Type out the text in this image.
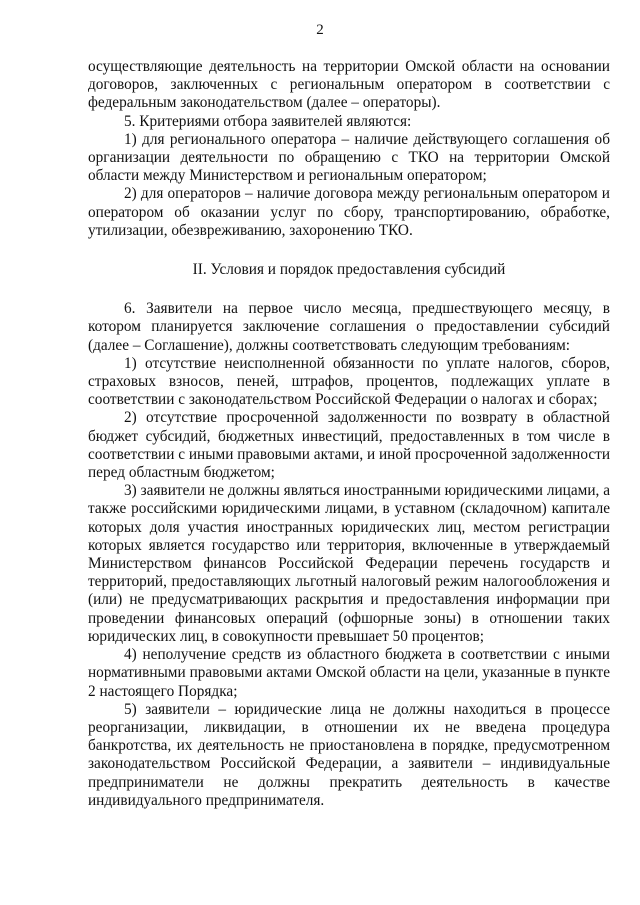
2

осуществляющие деятельность на территории Омской области на основании договоров, заключенных с региональным оператором в соответствии с федеральным законодательством (далее – операторы).

5. Критериями отбора заявителей являются:

1) для регионального оператора – наличие действующего соглашения об организации деятельности по обращению с ТКО на территории Омской области между Министерством и региональным оператором;

2) для операторов – наличие договора между региональным оператором и оператором об оказании услуг по сбору, транспортированию, обработке, утилизации, обезвреживанию, захоронению ТКО.

II. Условия и порядок предоставления субсидий

6. Заявители на первое число месяца, предшествующего месяцу, в котором планируется заключение соглашения о предоставлении субсидий (далее – Соглашение), должны соответствовать следующим требованиям:

1) отсутствие неисполненной обязанности по уплате налогов, сборов, страховых взносов, пеней, штрафов, процентов, подлежащих уплате в соответствии с законодательством Российской Федерации о налогах и сборах;

2) отсутствие просроченной задолженности по возврату в областной бюджет субсидий, бюджетных инвестиций, предоставленных в том числе в соответствии с иными правовыми актами, и иной просроченной задолженности перед областным бюджетом;

3) заявители не должны являться иностранными юридическими лицами, а также российскими юридическими лицами, в уставном (складочном) капитале которых доля участия иностранных юридических лиц, местом регистрации которых является государство или территория, включенные в утверждаемый Министерством финансов Российской Федерации перечень государств и территорий, предоставляющих льготный налоговый режим налогообложения и (или) не предусматривающих раскрытия и предоставления информации при проведении финансовых операций (офшорные зоны) в отношении таких юридических лиц, в совокупности превышает 50 процентов;

4) неполучение средств из областного бюджета в соответствии с иными нормативными правовыми актами Омской области на цели, указанные в пункте 2 настоящего Порядка;

5) заявители – юридические лица не должны находиться в процессе реорганизации, ликвидации, в отношении их не введена процедура банкротства, их деятельность не приостановлена в порядке, предусмотренном законодательством Российской Федерации, а заявители – индивидуальные предприниматели не должны прекратить деятельность в качестве индивидуального предпринимателя.
